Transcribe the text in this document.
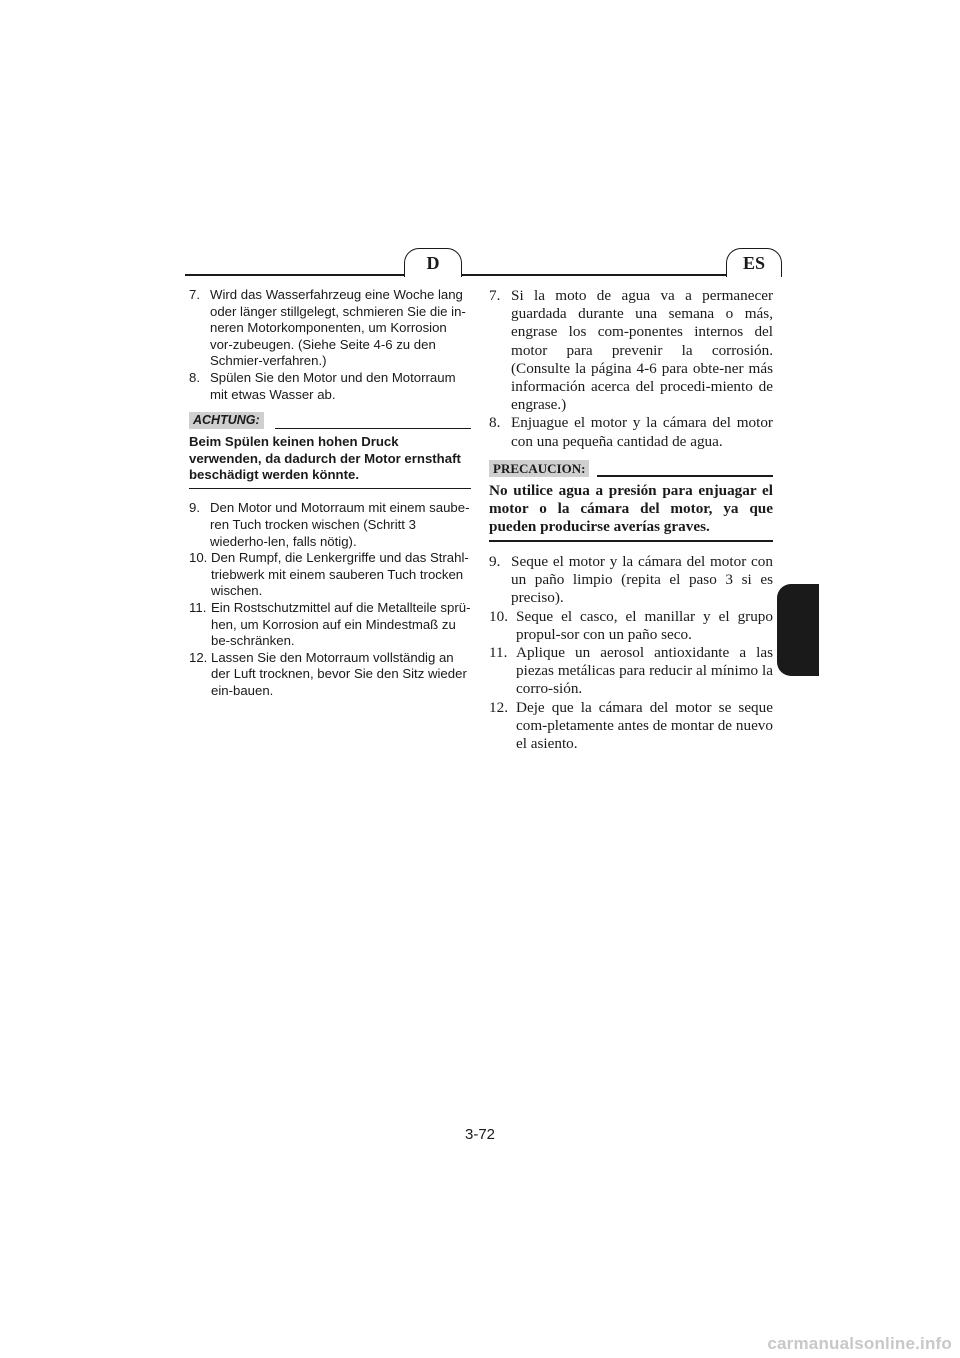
D	ES
7. Wird das Wasserfahrzeug eine Woche lang oder länger stillgelegt, schmieren Sie die in-neren Motorkomponenten, um Korrosion vor-zubeugen. (Siehe Seite 4-6 zu den Schmier-verfahren.)
8. Spülen Sie den Motor und den Motorraum mit etwas Wasser ab.
ACHTUNG:
Beim Spülen keinen hohen Druck verwenden, da dadurch der Motor ernsthaft beschädigt werden könnte.
9. Den Motor und Motorraum mit einem saube-ren Tuch trocken wischen (Schritt 3 wiederho-len, falls nötig).
10. Den Rumpf, die Lenkergriffe und das Strahl-triebwerk mit einem sauberen Tuch trocken wischen.
11. Ein Rostschutzmittel auf die Metallteile sprü-hen, um Korrosion auf ein Mindestmaß zu be-schränken.
12. Lassen Sie den Motorraum vollständig an der Luft trocknen, bevor Sie den Sitz wieder ein-bauen.
7. Si la moto de agua va a permanecer guardada durante una semana o más, engrase los com-ponentes internos del motor para prevenir la corrosión. (Consulte la página 4-6 para obte-ner más información acerca del procedi-miento de engrase.)
8. Enjuague el motor y la cámara del motor con una pequeña cantidad de agua.
PRECAUCION:
No utilice agua a presión para enjuagar el motor o la cámara del motor, ya que pueden producirse averías graves.
9. Seque el motor y la cámara del motor con un paño limpio (repita el paso 3 si es preciso).
10. Seque el casco, el manillar y el grupo propul-sor con un paño seco.
11. Aplique un aerosol antioxidante a las piezas metálicas para reducir al mínimo la corro-sión.
12. Deje que la cámara del motor se seque com-pletamente antes de montar de nuevo el asiento.
3-72
carmanualsonline.info
